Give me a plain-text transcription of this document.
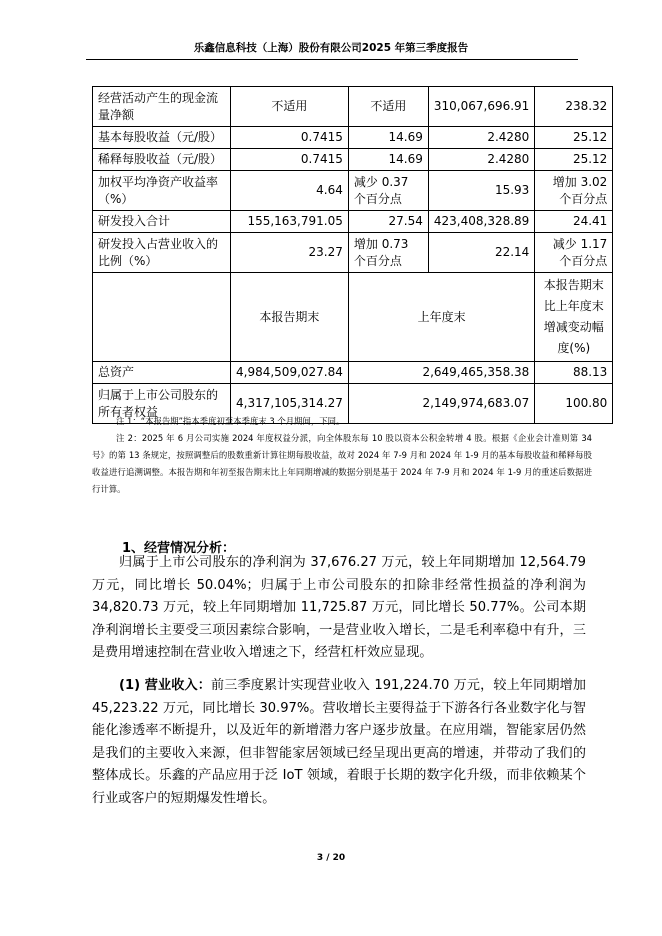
乐鑫信息科技（上海）股份有限公司2025 年第三季度报告
经营活动产生的现金流量净额	不适用	不适用	310,067,696.91	238.32
基本每股收益（元/股）	0.7415	14.69	2.4280	25.12
稀释每股收益（元/股）	0.7415	14.69	2.4280	25.12
加权平均净资产收益率（%）	4.64	减少 0.37 个百分点	15.93	增加 3.02 个百分点
研发投入合计	155,163,791.05	27.54	423,408,328.89	24.41
研发投入占营业收入的比例（%）	23.27	增加 0.73 个百分点	22.14	减少 1.17 个百分点
	本报告期末	上年度末		本报告期末比上年度末增减变动幅度(%)
总资产	4,984,509,027.84	2,649,465,358.38		88.13
归属于上市公司股东的所有者权益	4,317,105,314.27	2,149,974,683.07		100.80

注 1：“本报告期”指本季度初至本季度末 3 个月期间，下同。

注 2：2025 年 6 月公司实施 2024 年度权益分派，向全体股东每 10 股以资本公积金转增 4 股。根据《企业会计准则第 34 号》的第 13 条规定，按照调整后的股数重新计算往期每股收益，故对 2024 年 7-9 月和 2024 年 1-9 月的基本每股收益和稀释每股收益进行追溯调整。本报告期和年初至报告期末比上年同期增减的数据分别是基于 2024 年 7-9 月和 2024 年 1-9 月的重述后数据进行计算。

1、经营情况分析：

归属于上市公司股东的净利润为 37,676.27 万元，较上年同期增加 12,564.79 万元，同比增长 50.04%；归属于上市公司股东的扣除非经常性损益的净利润为 34,820.73 万元，较上年同期增加 11,725.87 万元，同比增长 50.77%。公司本期净利润增长主要受三项因素综合影响，一是营业收入增长，二是毛利率稳中有升，三是费用增速控制在营业收入增速之下，经营杠杆效应显现。

(1) 营业收入：前三季度累计实现营业收入 191,224.70 万元，较上年同期增加 45,223.22 万元，同比增长 30.97%。营收增长主要得益于下游各行各业数字化与智能化渗透率不断提升，以及近年的新增潜力客户逐步放量。在应用端，智能家居仍然是我们的主要收入来源，但非智能家居领域已经呈现出更高的增速，并带动了我们的整体成长。乐鑫的产品应用于泛 IoT 领域，着眼于长期的数字化升级，而非依赖某个行业或客户的短期爆发性增长。

3 / 20
